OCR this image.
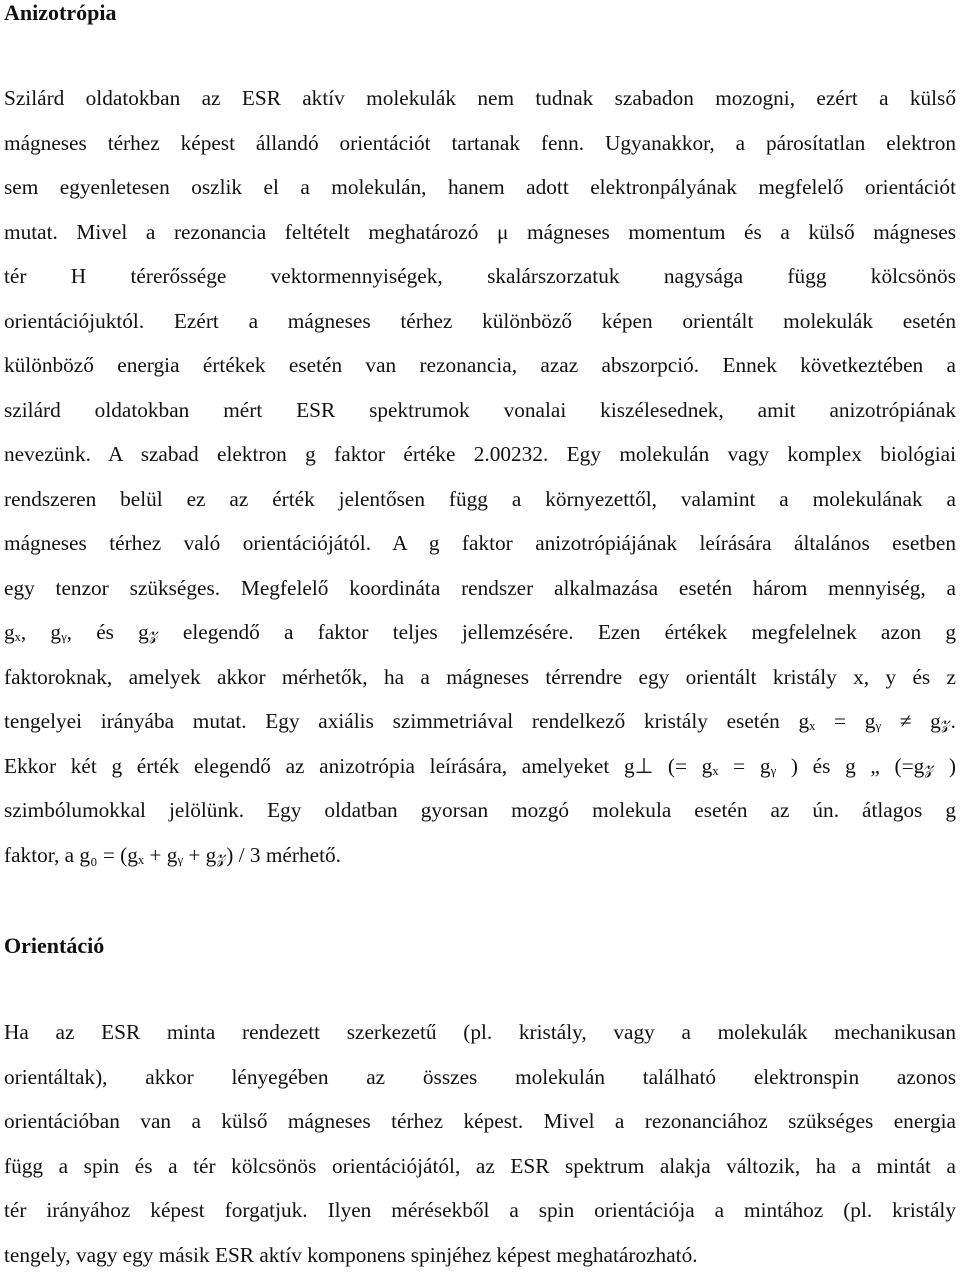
Anizotrópia
Szilárd oldatokban az ESR aktív molekulák nem tudnak szabadon mozogni, ezért a külső
mágneses térhez képest állandó orientációt tartanak fenn. Ugyanakkor, a párosítatlan elektron
sem egyenletesen oszlik el a molekulán, hanem adott elektronpályának megfelelő orientációt
mutat. Mivel a rezonancia feltételt meghatározó μ mágneses momentum és a külső mágneses
tér H térerőssége vektormennyiségek, skalárszorzatuk nagysága függ kölcsönös
orientációjuktól. Ezért a mágneses térhez különböző képen orientált molekulák esetén
különböző energia értékek esetén van rezonancia, azaz abszorpció. Ennek következtében a
szilárd oldatokban mért ESR spektrumok vonalai kiszélesednek, amit anizotrópiának
nevezünk. A szabad elektron g faktor értéke 2.00232. Egy molekulán vagy komplex biológiai
rendszeren belül ez az érték jelentősen függ a környezettől, valamint a molekulának a
mágneses térhez való orientációjától. A g faktor anizotrópiájának leírására általános esetben
egy tenzor szükséges. Megfelelő koordináta rendszer alkalmazása esetén három mennyiség, a
gₓ, gᵧ, és g𝓏 elegendő a faktor teljes jellemzésére. Ezen értékek megfelelnek azon g
faktoroknak, amelyek akkor mérhetők, ha a mágneses térrendre egy orientált kristály x, y és z
tengelyei irányába mutat. Egy axiális szimmetriával rendelkező kristály esetén gₓ = gᵧ ≠ g𝓏.
Ekkor két g érték elegendő az anizotrópia leírására, amelyeket g⊥ (= gₓ = gᵧ ) és g „ (=g𝓏 )
szimbólumokkal jelölünk. Egy oldatban gyorsan mozgó molekula esetén az ún. átlagos g
faktor, a g₀ = (gₓ + gᵧ + g𝓏) / 3 mérhető.
Orientáció
Ha az ESR minta rendezett szerkezetű (pl. kristály, vagy a molekulák mechanikusan
orientáltak), akkor lényegében az összes molekulán található elektronspin azonos
orientációban van a külső mágneses térhez képest. Mivel a rezonanciához szükséges energia
függ a spin és a tér kölcsönös orientációjától, az ESR spektrum alakja változik, ha a mintát a
tér irányához képest forgatjuk. Ilyen mérésekből a spin orientációja a mintához (pl. kristály
tengely, vagy egy másik ESR aktív komponens spinjéhez képest meghatározható.
